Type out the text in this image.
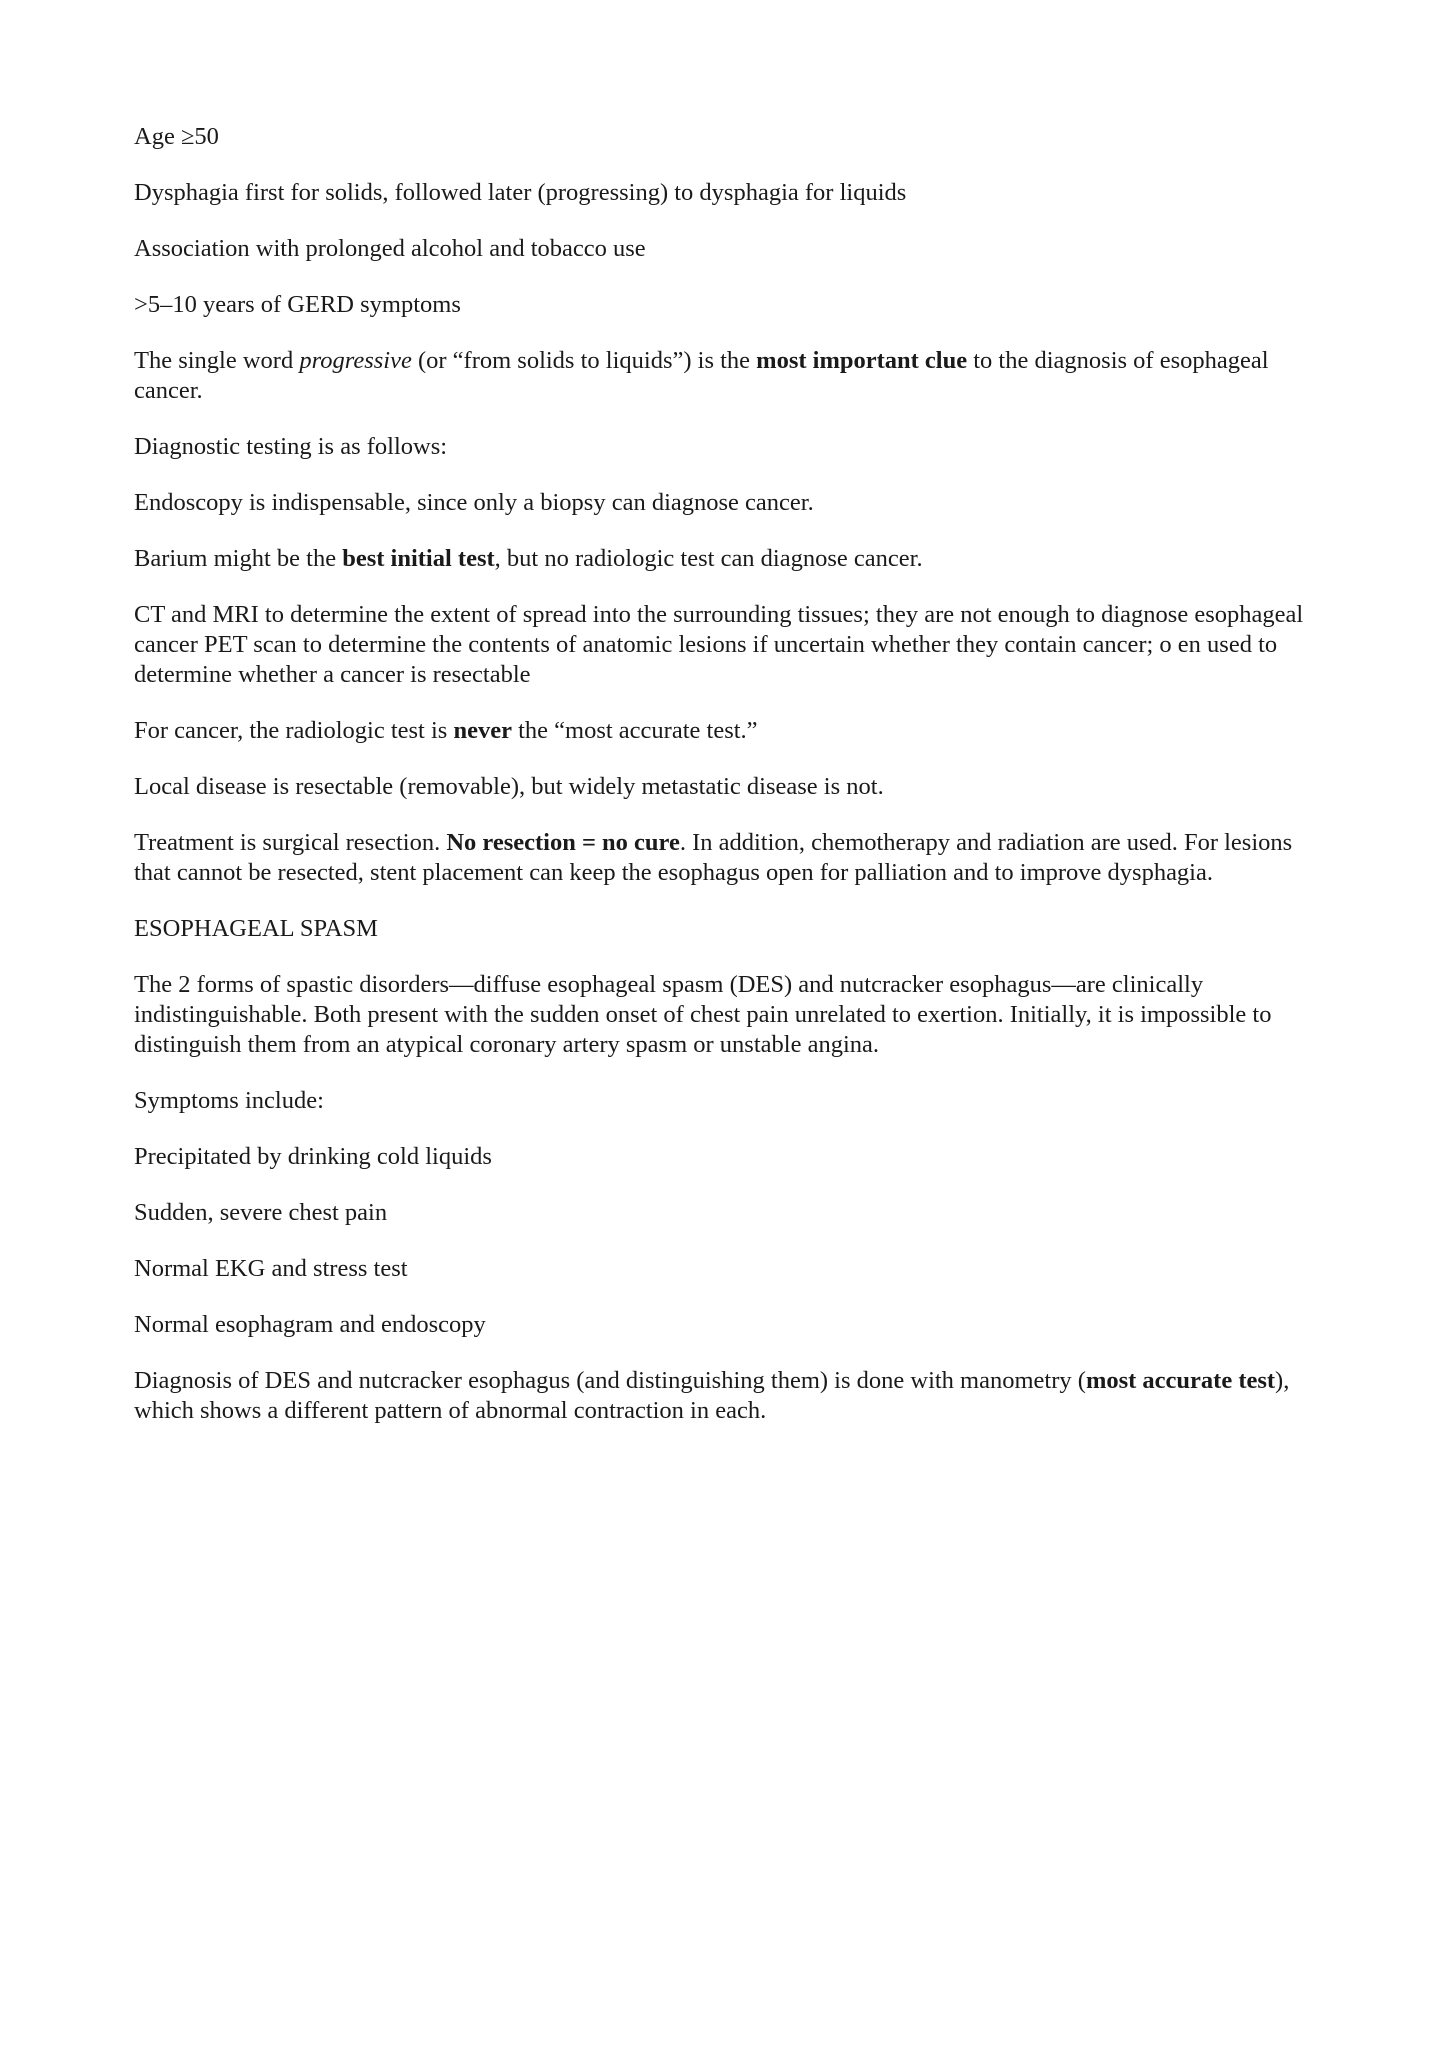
Age ≥50

Dysphagia first for solids, followed later (progressing) to dysphagia for liquids

Association with prolonged alcohol and tobacco use

>5–10 years of GERD symptoms

The single word progressive (or “from solids to liquids”) is the most important clue to the diagnosis of esophageal cancer.

Diagnostic testing is as follows:

Endoscopy is indispensable, since only a biopsy can diagnose cancer.

Barium might be the best initial test, but no radiologic test can diagnose cancer.

CT and MRI to determine the extent of spread into the surrounding tissues; they are not enough to diagnose esophageal cancer PET scan to determine the contents of anatomic lesions if uncertain whether they contain cancer; o en used to determine whether a cancer is resectable

For cancer, the radiologic test is never the “most accurate test.”

Local disease is resectable (removable), but widely metastatic disease is not.

Treatment is surgical resection. No resection = no cure. In addition, chemotherapy and radiation are used. For lesions that cannot be resected, stent placement can keep the esophagus open for palliation and to improve dysphagia.

ESOPHAGEAL SPASM

The 2 forms of spastic disorders—diffuse esophageal spasm (DES) and nutcracker esophagus—are clinically indistinguishable. Both present with the sudden onset of chest pain unrelated to exertion. Initially, it is impossible to distinguish them from an atypical coronary artery spasm or unstable angina.

Symptoms include:

Precipitated by drinking cold liquids

Sudden, severe chest pain

Normal EKG and stress test

Normal esophagram and endoscopy

Diagnosis of DES and nutcracker esophagus (and distinguishing them) is done with manometry (most accurate test), which shows a different pattern of abnormal contraction in each.
